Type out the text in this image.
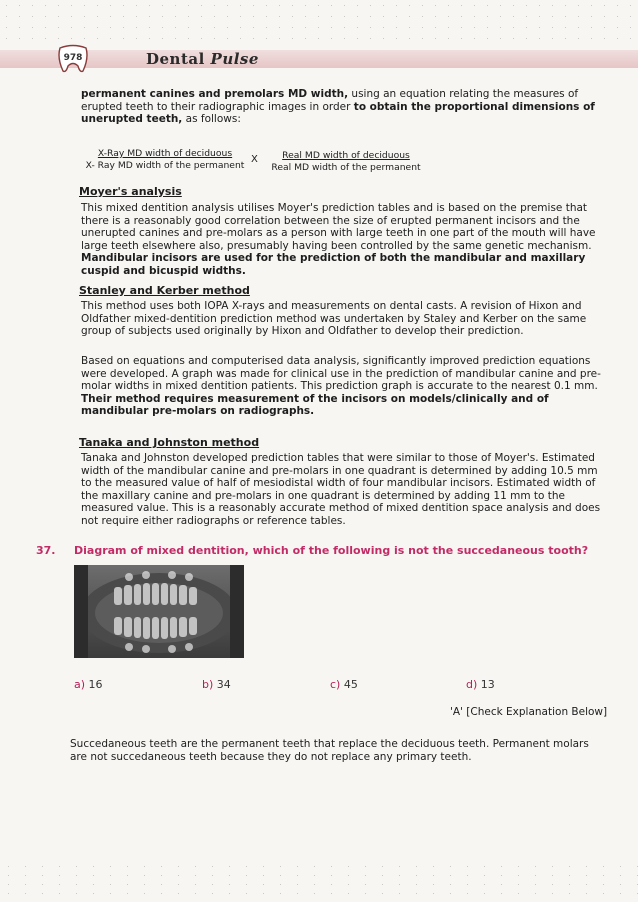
978	Dental Pulse

permanent canines and premolars MD width, using an equation relating the measures of erupted teeth to their radiographic images in order to obtain the proportional dimensions of unerupted teeth, as follows:

X-Ray MD width of deciduous
X- Ray MD width of the permanent
X	Real MD width of deciduous
Real MD width of the permanent
Moyer's analysis

This mixed dentition analysis utilises Moyer's prediction tables and is based on the premise that there is a reasonably good correlation between the size of erupted permanent incisors and the unerupted canines and pre-molars as a person with large teeth in one part of the mouth will have large teeth elsewhere also, presumably having been controlled by the same genetic mechanism. Mandibular incisors are used for the prediction of both the mandibular and maxillary cuspid and bicuspid widths.

Stanley and Kerber method
This method uses both IOPA X-rays and measurements on dental casts. A revision of Hixon and Oldfather mixed-dentition prediction method was undertaken by Staley and Kerber on the same group of subjects used originally by Hixon and Oldfather to develop their prediction.

Based on equations and computerised data analysis, significantly improved prediction equations were developed. A graph was made for clinical use in the prediction of mandibular canine and pre-molar widths in mixed dentition patients. This prediction graph is accurate to the nearest 0.1 mm. Their method requires measurement of the incisors on models/clinically and of mandibular pre-molars on radiographs.

Tanaka and Johnston method
Tanaka and Johnston developed prediction tables that were similar to those of Moyer's. Estimated width of the mandibular canine and pre-molars in one quadrant is determined by adding 10.5 mm to the measured value of half of mesiodistal width of four mandibular incisors. Estimated width of the maxillary canine and pre-molars in one quadrant is determined by adding 11 mm to the measured value. This is a reasonably accurate method of mixed dentition space analysis and does not require either radiographs or reference tables.
37. Diagram of mixed dentition, which of the following is not the succedaneous tooth?
a) 16	b) 34	c) 45	d) 13
'A' [Check Explanation Below]
Succedaneous teeth are the permanent teeth that replace the deciduous teeth. Permanent molars are not succedaneous teeth because they do not replace any primary teeth.
